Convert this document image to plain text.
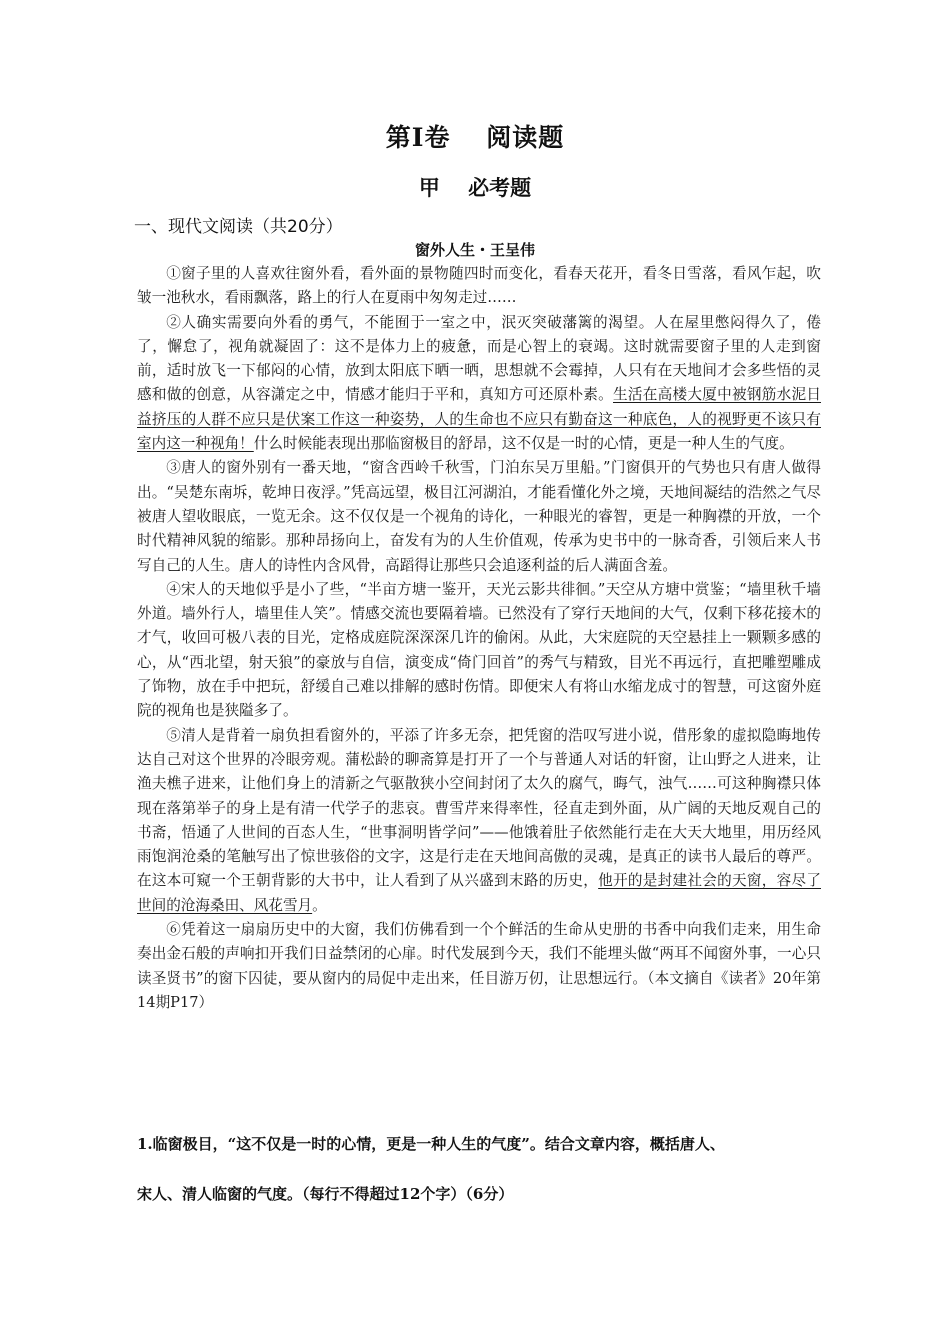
第Ⅰ卷　 阅读题
甲　 必考题
一、现代文阅读（共20分）
窗外人生・王呈伟

①窗子里的人喜欢往窗外看，看外面的景物随四时而变化，看春天花开，看冬日雪落，看风乍起，吹皱一池秋水，看雨飘落，路上的行人在夏雨中匆匆走过……

②人确实需要向外看的勇气，不能囿于一室之中，泯灭突破藩篱的渴望。人在屋里憋闷得久了，倦了，懈怠了，视角就凝固了：这不是体力上的疲惫，而是心智上的衰竭。这时就需要窗子里的人走到窗前，适时放飞一下郁闷的心情，放到太阳底下晒一晒，思想就不会霉掉，人只有在天地间才会多些悟的灵感和做的创意，从容潇定之中，情感才能归于平和，真知方可还原朴素。生活在高楼大厦中被钢筋水泥日益挤压的人群不应只是伏案工作这一种姿势，人的生命也不应只有勤奋这一种底色，人的视野更不该只有室内这一种视角！什么时候能表现出那临窗极目的舒昂，这不仅是一时的心情，更是一种人生的气度。

③唐人的窗外别有一番天地，“窗含西岭千秋雪，门泊东吴万里船。”门窗俱开的气势也只有唐人做得出。“吴楚东南坼，乾坤日夜浮。”凭高远望，极目江河湖泊，才能看懂化外之境，天地间凝结的浩然之气尽被唐人望收眼底，一览无余。这不仅仅是一个视角的诗化，一种眼光的睿智，更是一种胸襟的开放，一个时代精神风貌的缩影。那种昂扬向上，奋发有为的人生价值观，传承为史书中的一脉奇香，引领后来人书写自己的人生。唐人的诗性内含风骨，高蹈得让那些只会追逐利益的后人满面含羞。

④宋人的天地似乎是小了些，“半亩方塘一鉴开，天光云影共徘徊。”天空从方塘中赏鉴；“墙里秋千墙外道。墙外行人，墙里佳人笑”。情感交流也要隔着墙。已然没有了穿行天地间的大气，仅剩下移花接木的才气，收回可极八表的目光，定格成庭院深深深几许的偷闲。从此，大宋庭院的天空悬挂上一颗颗多感的心，从“西北望，射天狼”的豪放与自信，演变成“倚门回首”的秀气与精致，目光不再远行，直把雕塑雕成了饰物，放在手中把玩，舒缓自己难以排解的感时伤情。即便宋人有将山水缩龙成寸的智慧，可这窗外庭院的视角也是狭隘多了。

⑤清人是背着一扇负担看窗外的，平添了许多无奈，把凭窗的浩叹写进小说，借彤象的虚拟隐晦地传达自己对这个世界的冷眼旁观。蒲松龄的聊斋算是打开了一个与普通人对话的轩窗，让山野之人进来，让渔夫樵子进来，让他们身上的清新之气驱散狭小空间封闭了太久的腐气，晦气，浊气……可这种胸襟只体现在落第举子的身上是有清一代学子的悲哀。曹雪芹来得率性，径直走到外面，从广阔的天地反观自己的书斋，悟通了人世间的百态人生，“世事洞明皆学问”——他饿着肚子依然能行走在大天大地里，用历经风雨饱润沧桑的笔触写出了惊世骇俗的文字，这是行走在天地间高傲的灵魂，是真正的读书人最后的尊严。在这本可窥一个王朝背影的大书中，让人看到了从兴盛到末路的历史，他开的是封建社会的天窗，容尽了世间的沧海桑田、风花雪月。

⑥凭着这一扇扇历史中的大窗，我们仿佛看到一个个鲜活的生命从史册的书香中向我们走来，用生命奏出金石般的声响扣开我们日益禁闭的心扉。时代发展到今天，我们不能埋头做“两耳不闻窗外事，一心只读圣贤书”的窗下囚徒，要从窗内的局促中走出来，任目游万仞，让思想远行。（本文摘自《读者》20年第14期P17）

1.临窗极目，“这不仅是一时的心情，更是一种人生的气度”。结合文章内容，概括唐人、
宋人、清人临窗的气度。（每行不得超过12个字）（6分）
